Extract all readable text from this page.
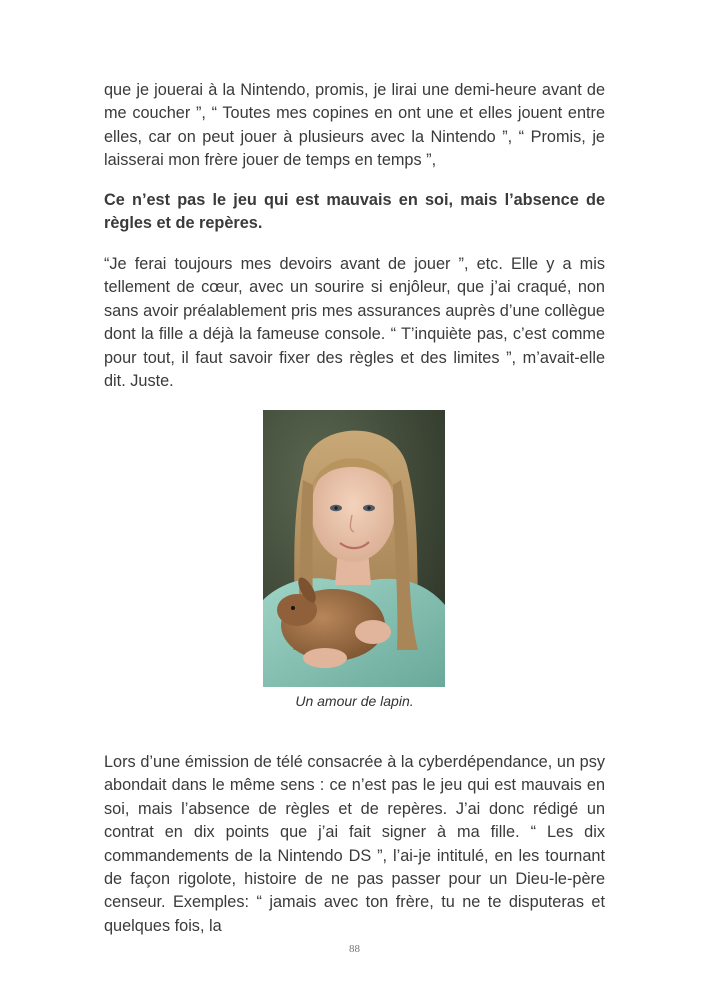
que je jouerai à la Nintendo, promis, je lirai une demi-heure avant de me coucher ”, “ Toutes mes copines en ont une et elles jouent entre elles, car on peut jouer à plusieurs avec la Nintendo ”, “ Promis, je laisserai mon frère jouer de temps en temps ”,

Ce n’est pas le jeu qui est mauvais en soi, mais l’absence de règles et de repères.

“Je ferai toujours mes devoirs avant de jouer ”, etc. Elle y a mis tellement de cœur, avec un sourire si enjôleur, que j’ai craqué, non sans avoir préalablement pris mes assurances auprès d’une collègue dont la fille a déjà la fameuse console. “ T’inquiète pas, c’est comme pour tout, il faut savoir fixer des règles et des limites ”, m’avait-elle dit. Juste.

Un amour de lapin.

Lors d’une émission de télé consacrée à la cyberdépendance, un psy abondait dans le même sens : ce n’est pas le jeu qui est mauvais en soi, mais l’absence de règles et de repères. J’ai donc rédigé un contrat en dix points que j’ai fait signer à ma fille. “ Les dix commandements de la Nintendo DS ”, l’ai-je intitulé, en les tournant de façon rigolote, histoire de ne pas passer pour un Dieu-le-père censeur. Exemples: “ jamais avec ton frère, tu ne te disputeras et quelques fois, la

88
